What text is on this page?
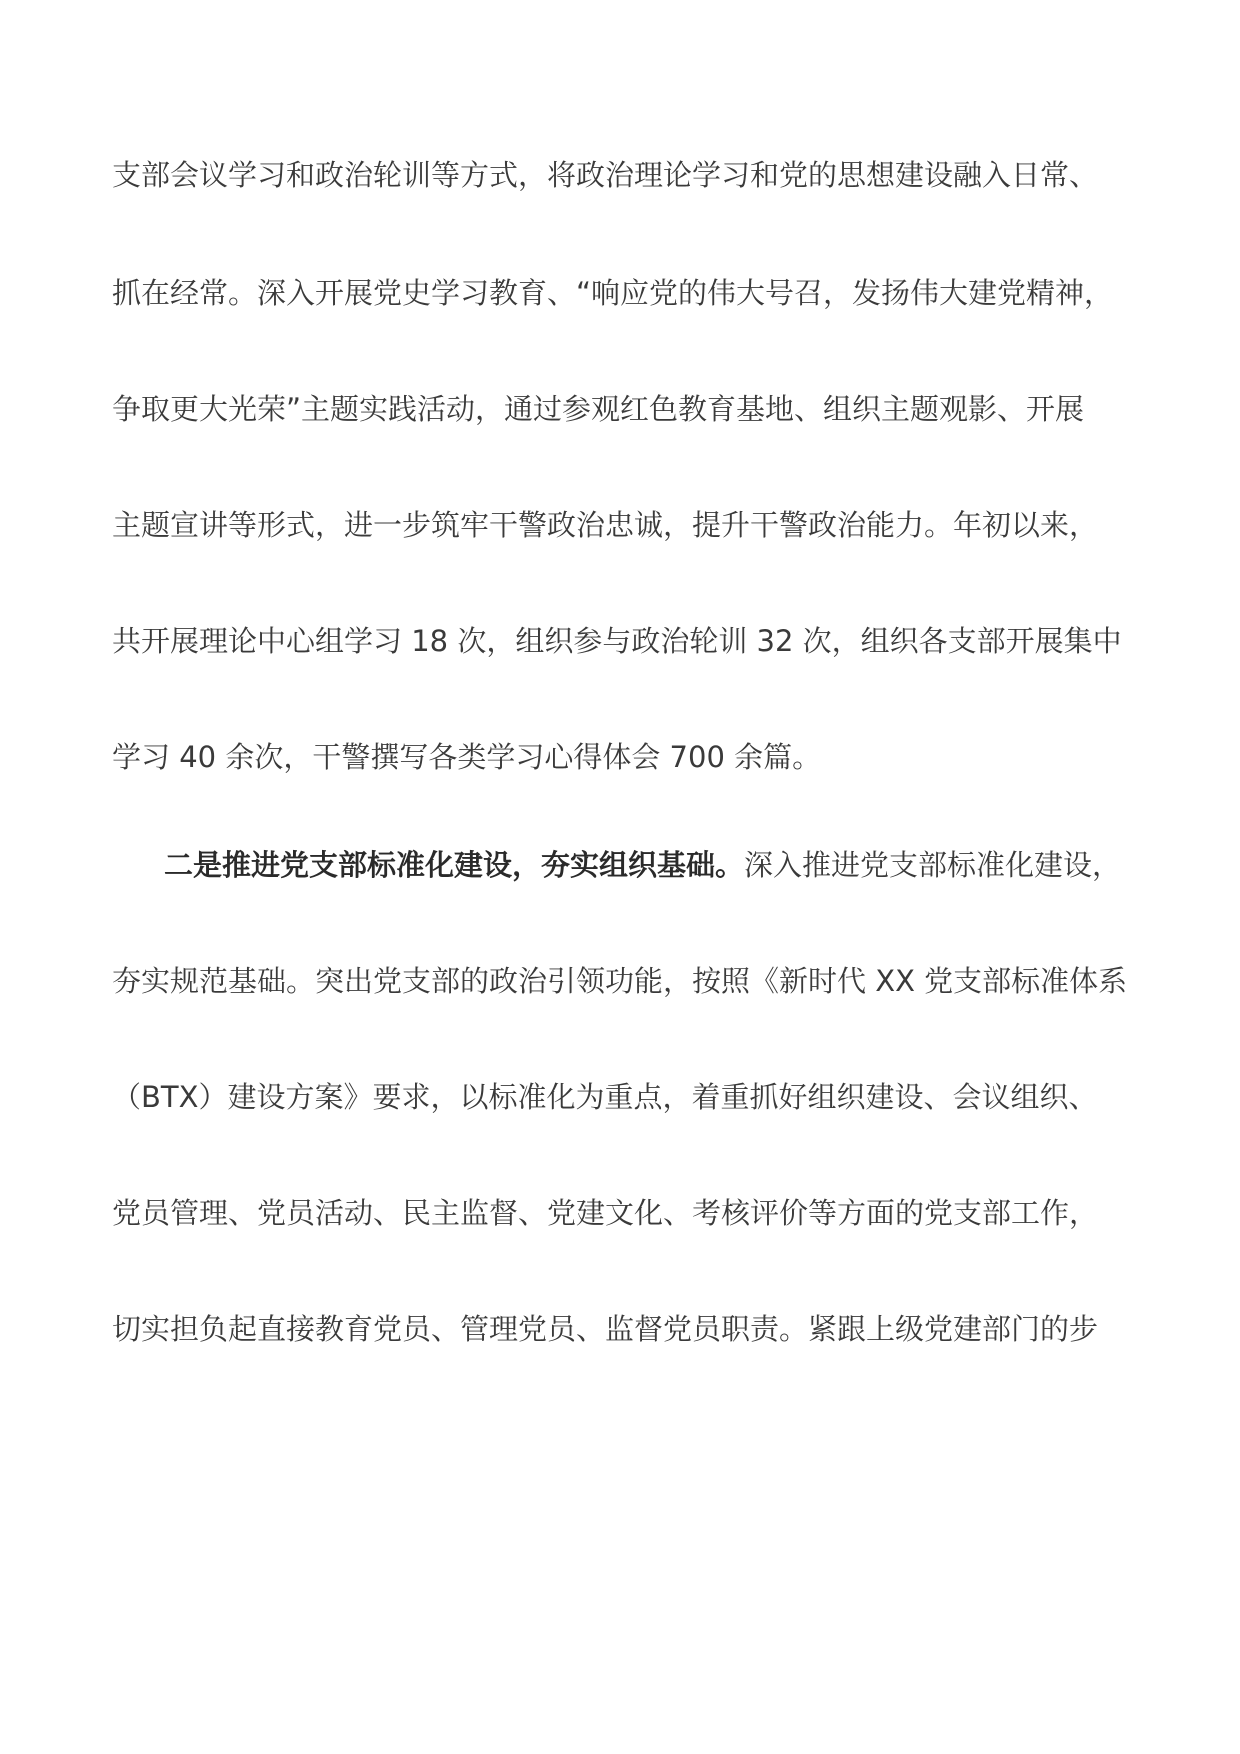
支部会议学习和政治轮训等方式，将政治理论学习和党的思想建设融入日常、
抓在经常。深入开展党史学习教育、“响应党的伟大号召，发扬伟大建党精神，
争取更大光荣”主题实践活动，通过参观红色教育基地、组织主题观影、开展
主题宣讲等形式，进一步筑牢干警政治忠诚，提升干警政治能力。年初以来，
共开展理论中心组学习 18 次，组织参与政治轮训 32 次，组织各支部开展集中
学习 40 余次，干警撰写各类学习心得体会 700 余篇。
二是推进党支部标准化建设，夯实组织基础。深入推进党支部标准化建设，
夯实规范基础。突出党支部的政治引领功能，按照《新时代 XX 党支部标准体系
（BTX）建设方案》要求，以标准化为重点，着重抓好组织建设、会议组织、
党员管理、党员活动、民主监督、党建文化、考核评价等方面的党支部工作，
切实担负起直接教育党员、管理党员、监督党员职责。紧跟上级党建部门的步
